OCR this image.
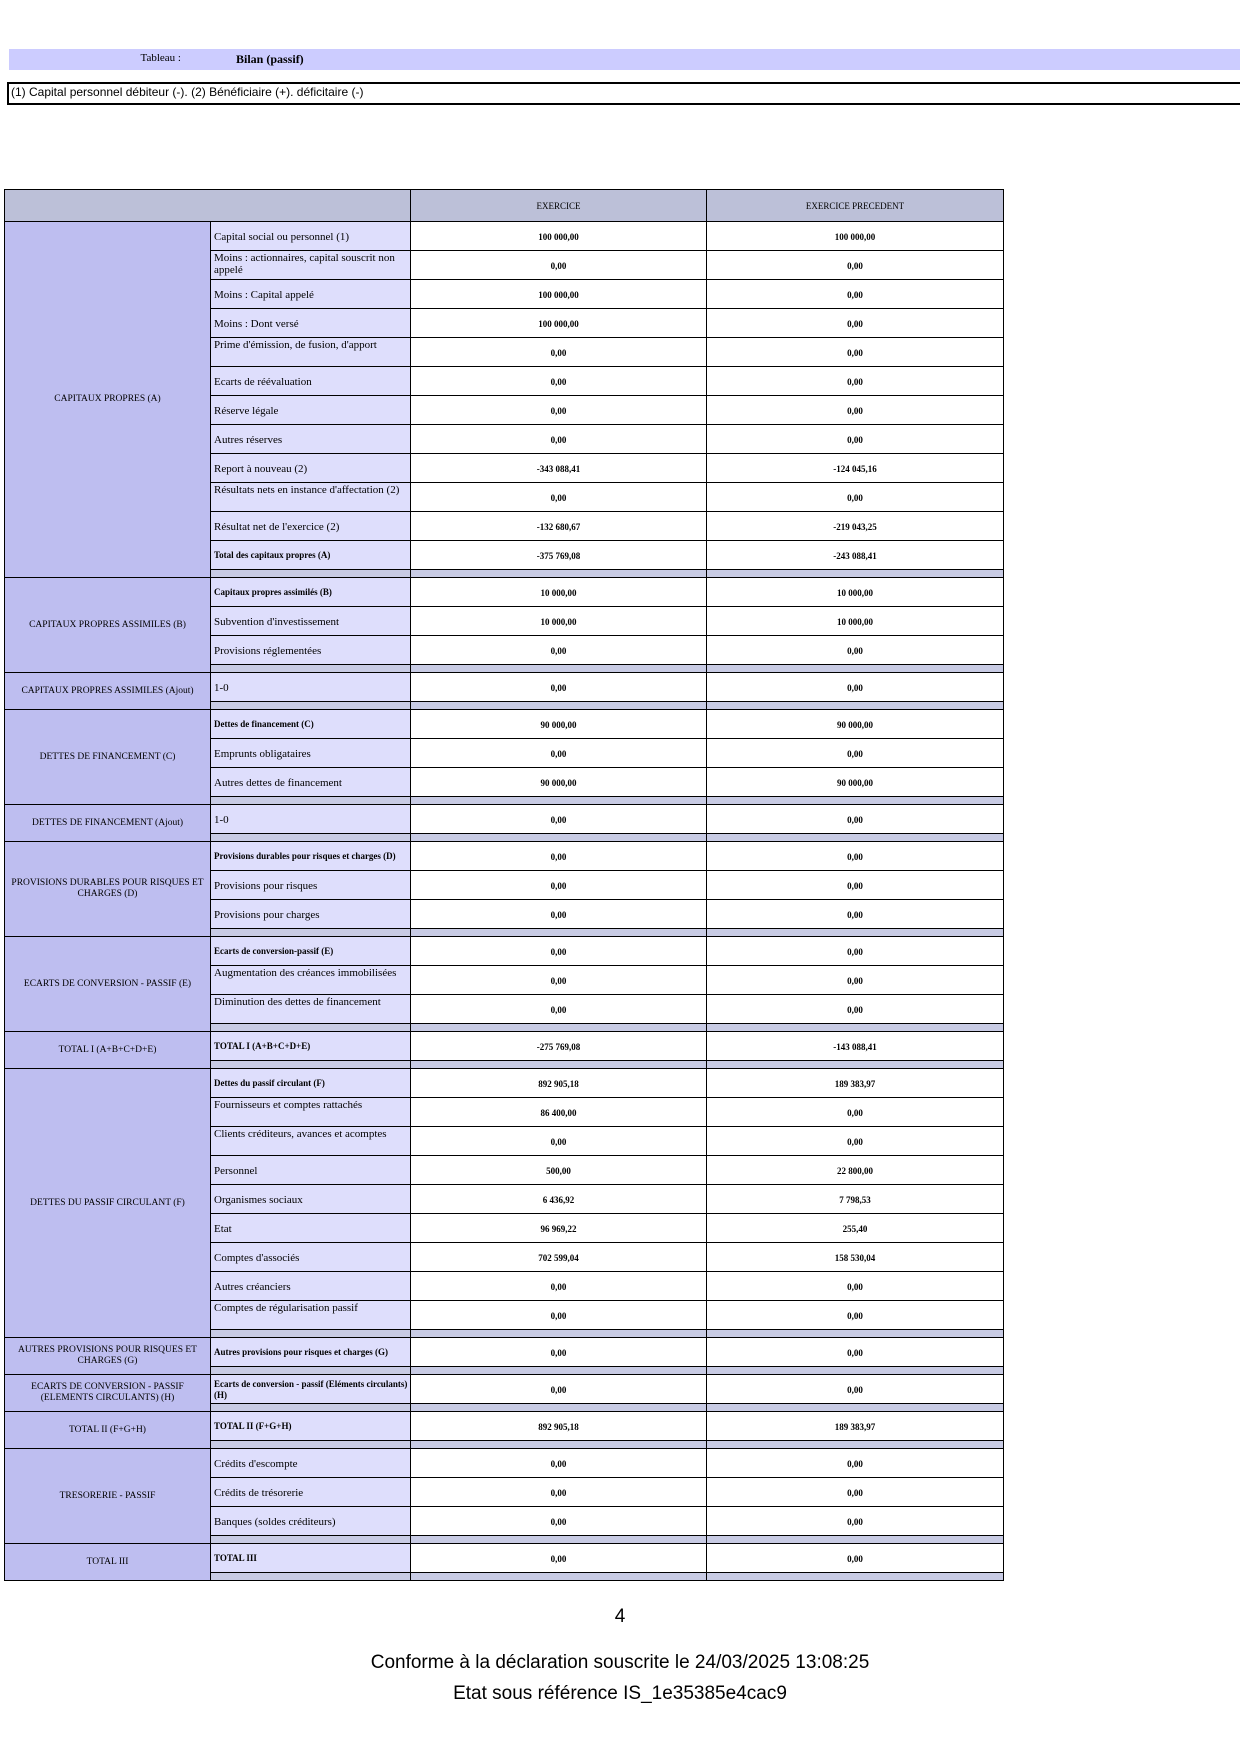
Tableau :	Bilan (passif)
(1) Capital personnel débiteur (-). (2) Bénéficiaire (+). déficitaire (-)
		EXERCICE	EXERCICE PRECEDENT
CAPITAUX PROPRES (A)	Capital social ou personnel (1)	100 000,00	100 000,00
	Moins : actionnaires, capital souscrit non appelé	0,00	0,00
	Moins : Capital appelé	100 000,00	0,00
	Moins : Dont versé	100 000,00	0,00
	Prime d'émission, de fusion, d'apport	0,00	0,00
	Ecarts de réévaluation	0,00	0,00
	Réserve légale	0,00	0,00
	Autres réserves	0,00	0,00
	Report à nouveau (2)	-343 088,41	-124 045,16
	Résultats nets en instance d'affectation (2)	0,00	0,00
	Résultat net de l'exercice (2)	-132 680,67	-219 043,25
	Total des capitaux propres (A)	-375 769,08	-243 088,41

CAPITAUX PROPRES ASSIMILES (B)	Capitaux propres assimilés (B)	10 000,00	10 000,00
	Subvention d'investissement	10 000,00	10 000,00
	Provisions réglementées	0,00	0,00

CAPITAUX PROPRES ASSIMILES (Ajout)	1-0	0,00	0,00

DETTES DE FINANCEMENT (C)	Dettes de financement (C)	90 000,00	90 000,00
	Emprunts obligataires	0,00	0,00
	Autres dettes de financement	90 000,00	90 000,00

DETTES DE FINANCEMENT (Ajout)	1-0	0,00	0,00

PROVISIONS DURABLES POUR RISQUES ET CHARGES (D)	Provisions durables pour risques et charges (D)	0,00	0,00
	Provisions pour risques	0,00	0,00
	Provisions pour charges	0,00	0,00

ECARTS DE CONVERSION - PASSIF (E)	Ecarts de conversion-passif (E)	0,00	0,00
	Augmentation des créances immobilisées	0,00	0,00
	Diminution des dettes de financement	0,00	0,00

TOTAL I (A+B+C+D+E)	TOTAL I (A+B+C+D+E)	-275 769,08	-143 088,41

DETTES DU PASSIF CIRCULANT (F)	Dettes du passif circulant (F)	892 905,18	189 383,97
	Fournisseurs et comptes rattachés	86 400,00	0,00
	Clients créditeurs, avances et acomptes	0,00	0,00
	Personnel	500,00	22 800,00
	Organismes sociaux	6 436,92	7 798,53
	Etat	96 969,22	255,40
	Comptes d'associés	702 599,04	158 530,04
	Autres créanciers	0,00	0,00
	Comptes de régularisation passif	0,00	0,00

AUTRES PROVISIONS POUR RISQUES ET CHARGES (G)	Autres provisions pour risques et charges (G)	0,00	0,00

ECARTS DE CONVERSION - PASSIF (ELEMENTS CIRCULANTS) (H)	Ecarts de conversion - passif (Eléments circulants) (H)	0,00	0,00

TOTAL II (F+G+H)	TOTAL II (F+G+H)	892 905,18	189 383,97

TRESORERIE - PASSIF	Crédits d'escompte	0,00	0,00
	Crédits de trésorerie	0,00	0,00
	Banques (soldes créditeurs)	0,00	0,00

TOTAL III	TOTAL III	0,00	0,00

4
Conforme à la déclaration souscrite le 24/03/2025 13:08:25
Etat sous référence IS_1e35385e4cac9
